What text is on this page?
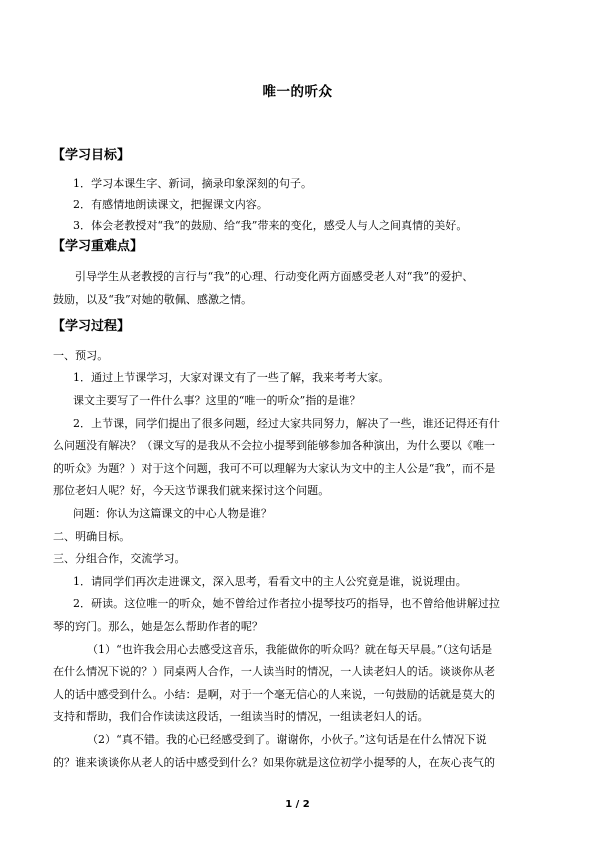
唯一的听众
【学习目标】
1．学习本课生字、新词，摘录印象深刻的句子。
2．有感情地朗读课文，把握课文内容。
3．体会老教授对“我”的鼓励、给“我”带来的变化，感受人与人之间真情的美好。
【学习重难点】
引导学生从老教授的言行与“我”的心理、行动变化两方面感受老人对“我”的爱护、
鼓励，以及“我”对她的敬佩、感激之情。
【学习过程】
一、预习。
1．通过上节课学习，大家对课文有了一些了解，我来考考大家。
课文主要写了一件什么事？这里的“唯一的听众”指的是谁？
2．上节课，同学们提出了很多问题，经过大家共同努力，解决了一些，谁还记得还有什
么问题没有解决？（课文写的是我从不会拉小提琴到能够参加各种演出，为什么要以《唯一
的听众》为题？）对于这个问题，我可不可以理解为大家认为文中的主人公是“我”，而不是
那位老妇人呢？好，今天这节课我们就来探讨这个问题。
问题：你认为这篇课文的中心人物是谁？
二、明确目标。
三、分组合作，交流学习。
1．请同学们再次走进课文，深入思考，看看文中的主人公究竟是谁，说说理由。
2．研读。这位唯一的听众，她不曾给过作者拉小提琴技巧的指导，也不曾给他讲解过拉
琴的窍门。那么，她是怎么帮助作者的呢？
（1）“也许我会用心去感受这音乐，我能做你的听众吗？就在每天早晨。”（这句话是
在什么情况下说的？）同桌两人合作，一人读当时的情况，一人读老妇人的话。谈谈你从老
人的话中感受到什么。小结：是啊，对于一个毫无信心的人来说，一句鼓励的话就是莫大的
支持和帮助，我们合作读读这段话，一组读当时的情况，一组读老妇人的话。
（2）“真不错。我的心已经感受到了。谢谢你，小伙子。”这句话是在什么情况下说
的？谁来谈谈你从老人的话中感受到什么？如果你就是这位初学小提琴的人，在灰心丧气的
1 / 2
